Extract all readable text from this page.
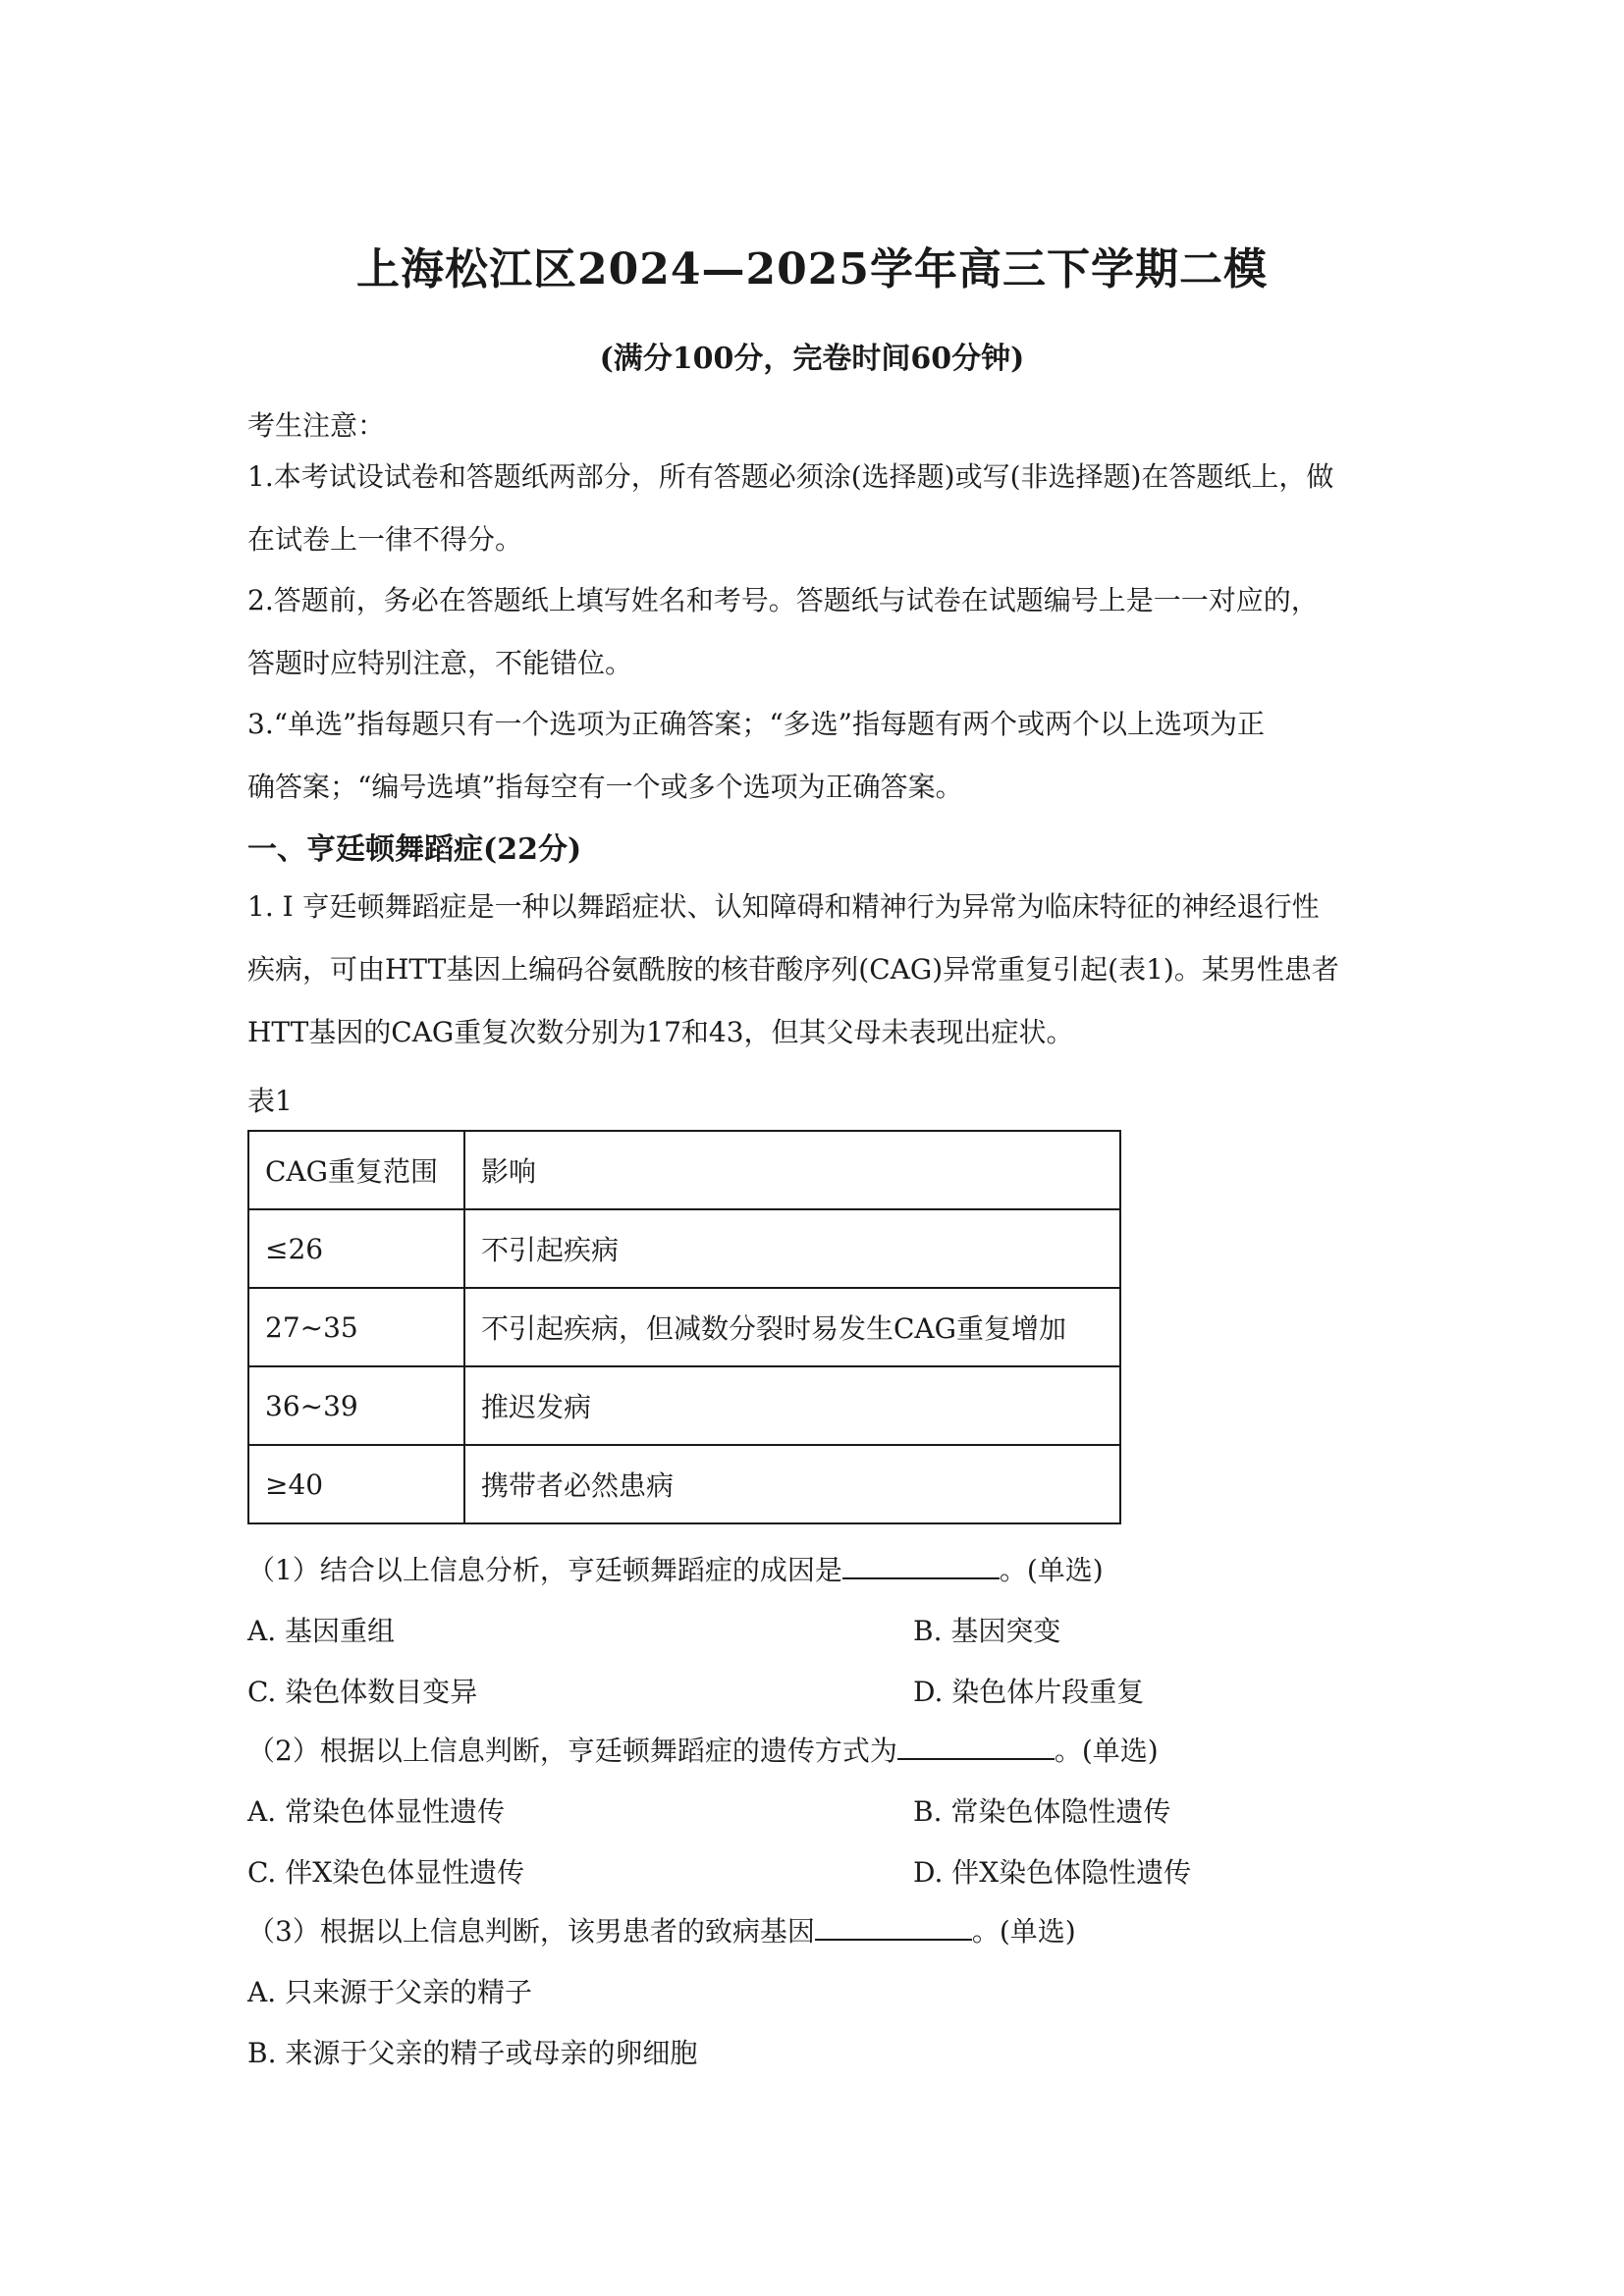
上海松江区2024—2025学年高三下学期二模
(满分100分，完卷时间60分钟)
考生注意：
1.本考试设试卷和答题纸两部分，所有答题必须涂(选择题)或写(非选择题)在答题纸上，做
在试卷上一律不得分。
2.答题前，务必在答题纸上填写姓名和考号。答题纸与试卷在试题编号上是一一对应的，
答题时应特别注意，不能错位。
3.“单选”指每题只有一个选项为正确答案；“多选”指每题有两个或两个以上选项为正
确答案；“编号选填”指每空有一个或多个选项为正确答案。
一、亨廷顿舞蹈症(22分)
1. Ⅰ 亨廷顿舞蹈症是一种以舞蹈症状、认知障碍和精神行为异常为临床特征的神经退行性
疾病，可由HTT基因上编码谷氨酰胺的核苷酸序列(CAG)异常重复引起(表1)。某男性患者
HTT基因的CAG重复次数分别为17和43，但其父母未表现出症状。
表1
CAG重复范围	影响
≤26	不引起疾病
27~35	不引起疾病，但减数分裂时易发生CAG重复增加
36~39	推迟发病
≥40	携带者必然患病
（1）结合以上信息分析，亨廷顿舞蹈症的成因是	。(单选)
A. 基因重组	B. 基因突变
C. 染色体数目变异	D. 染色体片段重复
（2）根据以上信息判断，亨廷顿舞蹈症的遗传方式为	。(单选)
A. 常染色体显性遗传	B. 常染色体隐性遗传
C. 伴X染色体显性遗传	D. 伴X染色体隐性遗传
（3）根据以上信息判断，该男患者的致病基因	。(单选)
A. 只来源于父亲的精子
B. 来源于父亲的精子或母亲的卵细胞
